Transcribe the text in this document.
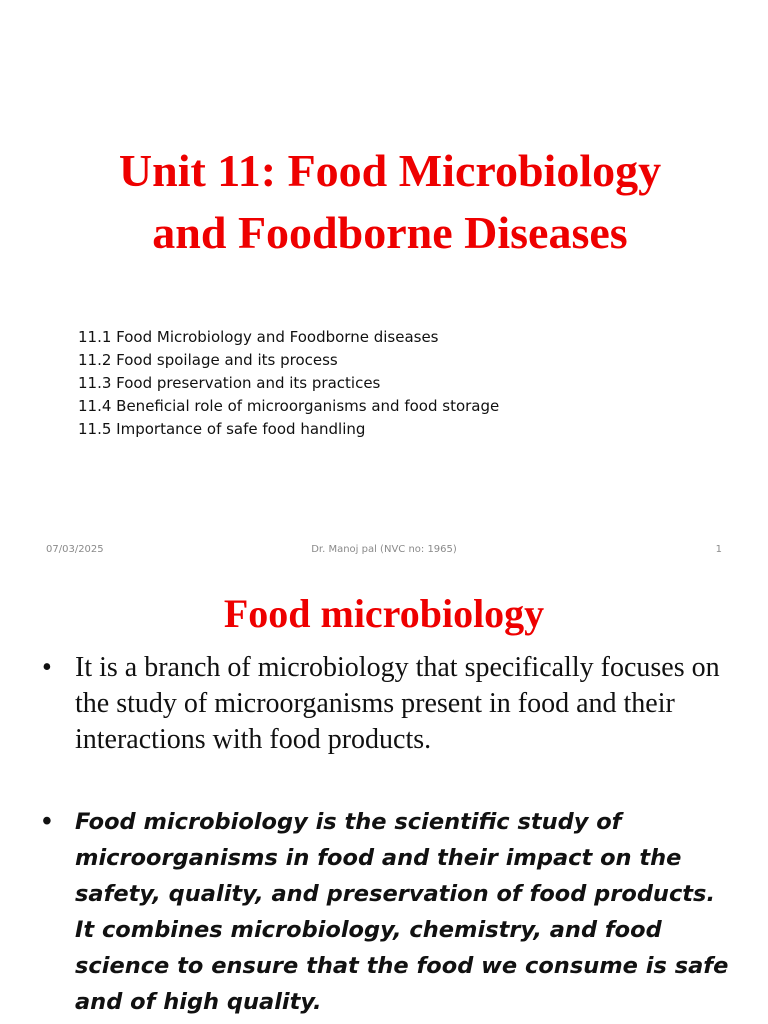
Unit 11: Food Microbiology
and Foodborne Diseases
11.1 Food Microbiology and Foodborne diseases
11.2 Food spoilage and its process
11.3 Food preservation and its practices
11.4 Beneficial role of microorganisms and food storage
11.5 Importance of safe food handling
Dr. Manoj pal (NVC no: 1965)
07/03/2025	1
Food microbiology
• It is a branch of microbiology that specifically focuses on the study of microorganisms present in food and their interactions with food products.
• Food microbiology is the scientific study of microorganisms in food and their impact on the safety, quality, and preservation of food products. It combines microbiology, chemistry, and food science to ensure that the food we consume is safe and of high quality.
